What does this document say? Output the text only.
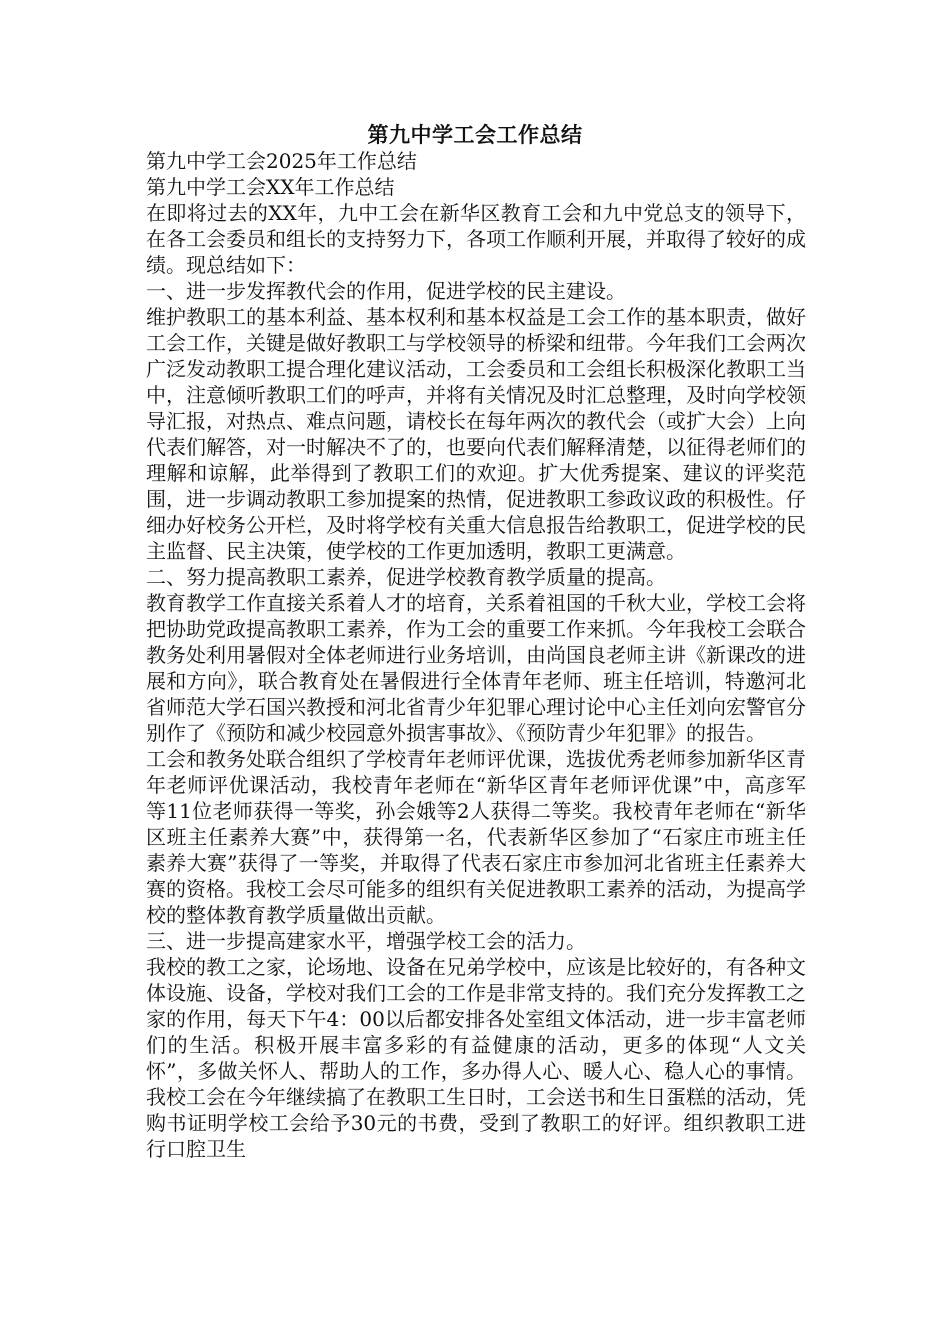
第九中学工会工作总结

第九中学工会2025年工作总结

第九中学工会XX年工作总结

在即将过去的XX年，九中工会在新华区教育工会和九中党总支的领导下，在各工会委员和组长的支持努力下，各项工作顺利开展，并取得了较好的成绩。现总结如下：

一、进一步发挥教代会的作用，促进学校的民主建设。

维护教职工的基本利益、基本权利和基本权益是工会工作的基本职责，做好工会工作，关键是做好教职工与学校领导的桥梁和纽带。今年我们工会两次广泛发动教职工提合理化建议活动，工会委员和工会组长积极深化教职工当中，注意倾听教职工们的呼声，并将有关情况及时汇总整理，及时向学校领导汇报，对热点、难点问题，请校长在每年两次的教代会（或扩大会）上向代表们解答，对一时解决不了的，也要向代表们解释清楚，以征得老师们的理解和谅解，此举得到了教职工们的欢迎。扩大优秀提案、建议的评奖范围，进一步调动教职工参加提案的热情，促进教职工参政议政的积极性。仔细办好校务公开栏，及时将学校有关重大信息报告给教职工，促进学校的民主监督、民主决策，使学校的工作更加透明，教职工更满意。

二、努力提高教职工素养，促进学校教育教学质量的提高。

教育教学工作直接关系着人才的培育，关系着祖国的千秋大业，学校工会将把协助党政提高教职工素养，作为工会的重要工作来抓。今年我校工会联合教务处利用暑假对全体老师进行业务培训，由尚国良老师主讲《新课改的进展和方向》，联合教育处在暑假进行全体青年老师、班主任培训，特邀河北省师范大学石国兴教授和河北省青少年犯罪心理讨论中心主任刘向宏警官分别作了《预防和减少校园意外损害事故》、《预防青少年犯罪》的报告。

工会和教务处联合组织了学校青年老师评优课，选拔优秀老师参加新华区青年老师评优课活动，我校青年老师在“新华区青年老师评优课”中，高彦军等11位老师获得一等奖，孙会娥等2人获得二等奖。我校青年老师在“新华区班主任素养大赛”中，获得第一名，代表新华区参加了“石家庄市班主任素养大赛”获得了一等奖，并取得了代表石家庄市参加河北省班主任素养大赛的资格。我校工会尽可能多的组织有关促进教职工素养的活动，为提高学校的整体教育教学质量做出贡献。

三、进一步提高建家水平，增强学校工会的活力。

我校的教工之家，论场地、设备在兄弟学校中，应该是比较好的，有各种文体设施、设备，学校对我们工会的工作是非常支持的。我们充分发挥教工之家的作用，每天下午4：00以后都安排各处室组文体活动，进一步丰富老师们的生活。积极开展丰富多彩的有益健康的活动，更多的体现“人文关怀”，多做关怀人、帮助人的工作，多办得人心、暖人心、稳人心的事情。我校工会在今年继续搞了在教职工生日时，工会送书和生日蛋糕的活动，凭购书证明学校工会给予30元的书费，受到了教职工的好评。组织教职工进行口腔卫生
